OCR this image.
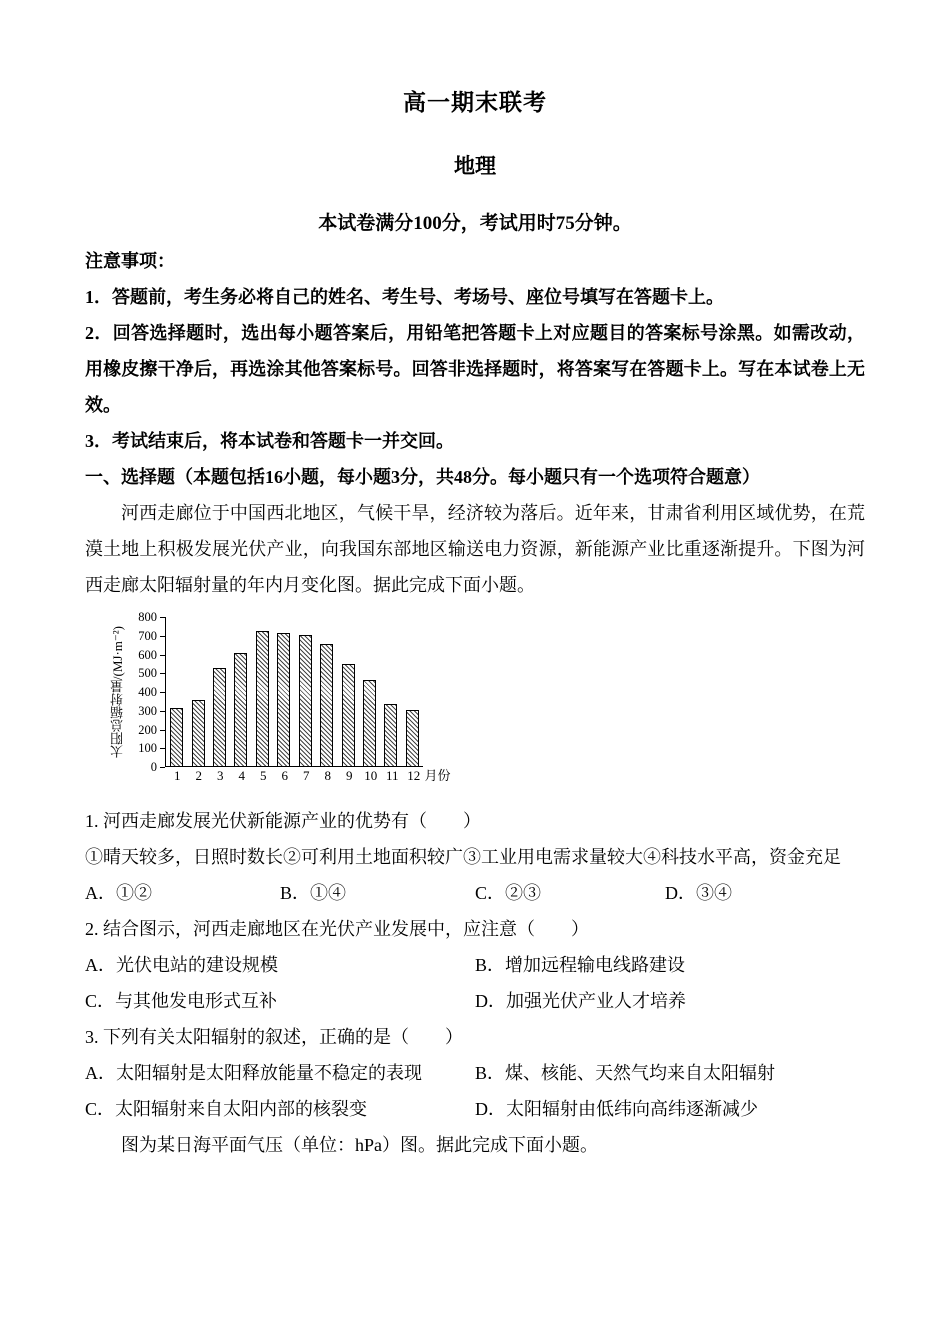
高一期末联考
地理

本试卷满分100分，考试用时75分钟。

注意事项：

1．答题前，考生务必将自己的姓名、考生号、考场号、座位号填写在答题卡上。

2．回答选择题时，选出每小题答案后，用铅笔把答题卡上对应题目的答案标号涂黑。如需改动，用橡皮擦干净后，再选涂其他答案标号。回答非选择题时，将答案写在答题卡上。写在本试卷上无效。

3．考试结束后，将本试卷和答题卡一并交回。

一、选择题（本题包括16小题，每小题3分，共48分。每小题只有一个选项符合题意）

河西走廊位于中国西北地区，气候干旱，经济较为落后。近年来，甘肃省利用区域优势，在荒漠土地上积极发展光伏产业，向我国东部地区输送电力资源，新能源产业比重逐渐提升。下图为河西走廊太阳辐射量的年内月变化图。据此完成下面小题。

太阳总辐射量/(MJ·m⁻²)
0
100
200
300
400
500
600
700
800
月份
1	2	3	4	5	6	7	8	9 10 11 12

1. 河西走廊发展光伏新能源产业的优势有（　　）

①晴天较多，日照时数长②可利用土地面积较广③工业用电需求量较大④科技水平高，资金充足

A．①②	B．①④	C．②③	D．③④

2. 结合图示，河西走廊地区在光伏产业发展中，应注意（　　）

A．光伏电站的建设规模	B．增加远程输电线路建设
C．与其他发电形式互补	D．加强光伏产业人才培养

3. 下列有关太阳辐射的叙述，正确的是（　　）

A．太阳辐射是太阳释放能量不稳定的表现	B．煤、核能、天然气均来自太阳辐射
C．太阳辐射来自太阳内部的核裂变	D．太阳辐射由低纬向高纬逐渐减少

图为某日海平面气压（单位：hPa）图。据此完成下面小题。
